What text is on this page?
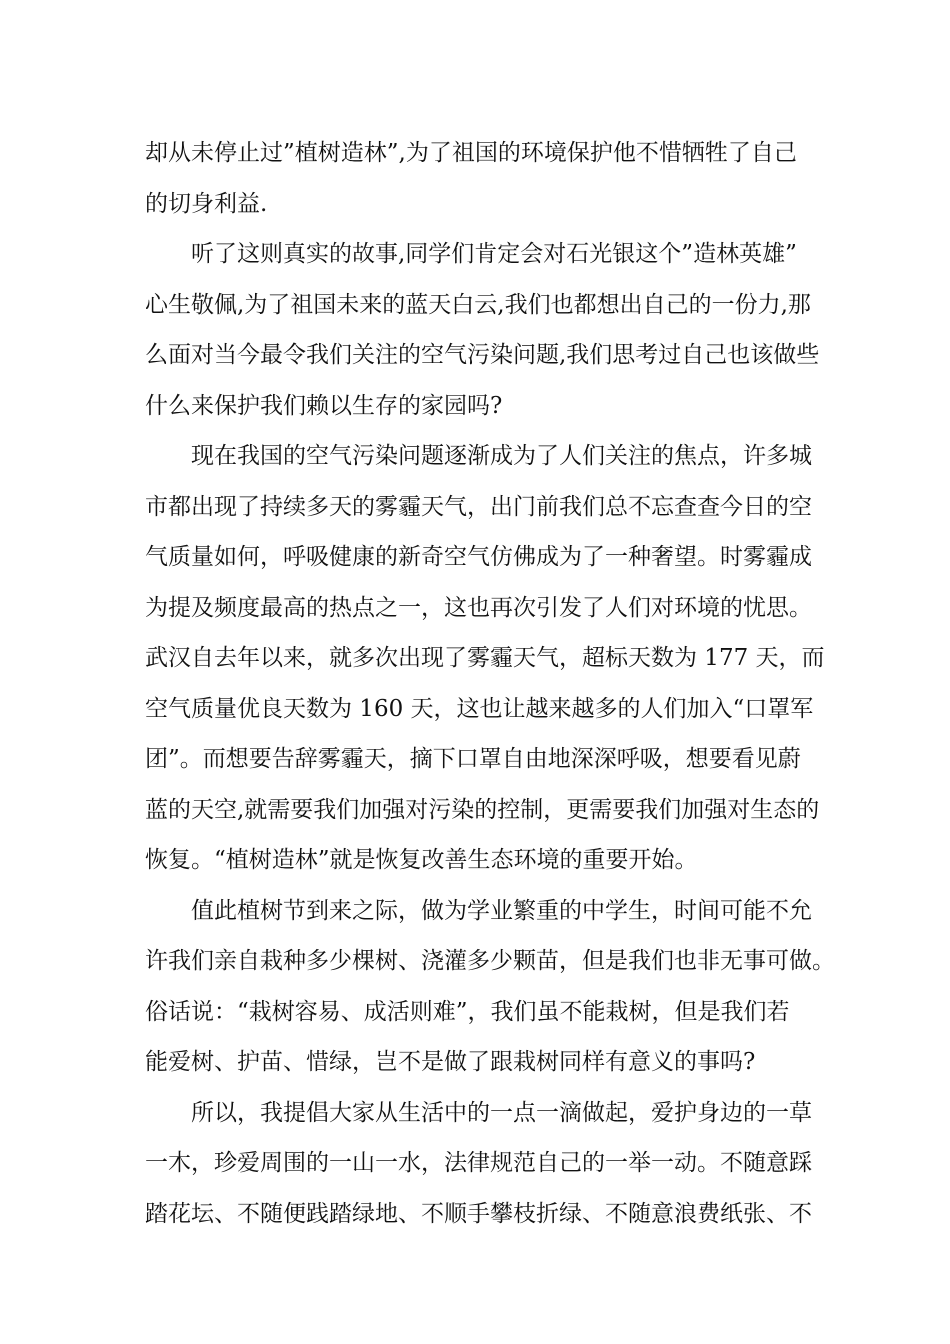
却从未停止过”植树造林”,为了祖国的环境保护他不惜牺牲了自己
的切身利益.
听了这则真实的故事,同学们肯定会对石光银这个”造林英雄”
心生敬佩,为了祖国未来的蓝天白云,我们也都想出自己的一份力,那
么面对当今最令我们关注的空气污染问题,我们思考过自己也该做些
什么来保护我们赖以生存的家园吗?
现在我国的空气污染问题逐渐成为了人们关注的焦点，许多城
市都出现了持续多天的雾霾天气，出门前我们总不忘查查今日的空
气质量如何，呼吸健康的新奇空气仿佛成为了一种奢望。时雾霾成
为提及频度最高的热点之一，这也再次引发了人们对环境的忧思。
武汉自去年以来，就多次出现了雾霾天气，超标天数为 177 天，而
空气质量优良天数为 160 天，这也让越来越多的人们加入“口罩军
团”。而想要告辞雾霾天，摘下口罩自由地深深呼吸，想要看见蔚
蓝的天空,就需要我们加强对污染的控制，更需要我们加强对生态的
恢复。“植树造林”就是恢复改善生态环境的重要开始。
值此植树节到来之际，做为学业繁重的中学生，时间可能不允
许我们亲自栽种多少棵树、浇灌多少颗苗，但是我们也非无事可做。
俗话说：“栽树容易、成活则难”，我们虽不能栽树，但是我们若
能爱树、护苗、惜绿，岂不是做了跟栽树同样有意义的事吗?
所以，我提倡大家从生活中的一点一滴做起，爱护身边的一草
一木，珍爱周围的一山一水，法律规范自己的一举一动。不随意踩
踏花坛、不随便践踏绿地、不顺手攀枝折绿、不随意浪费纸张、不
